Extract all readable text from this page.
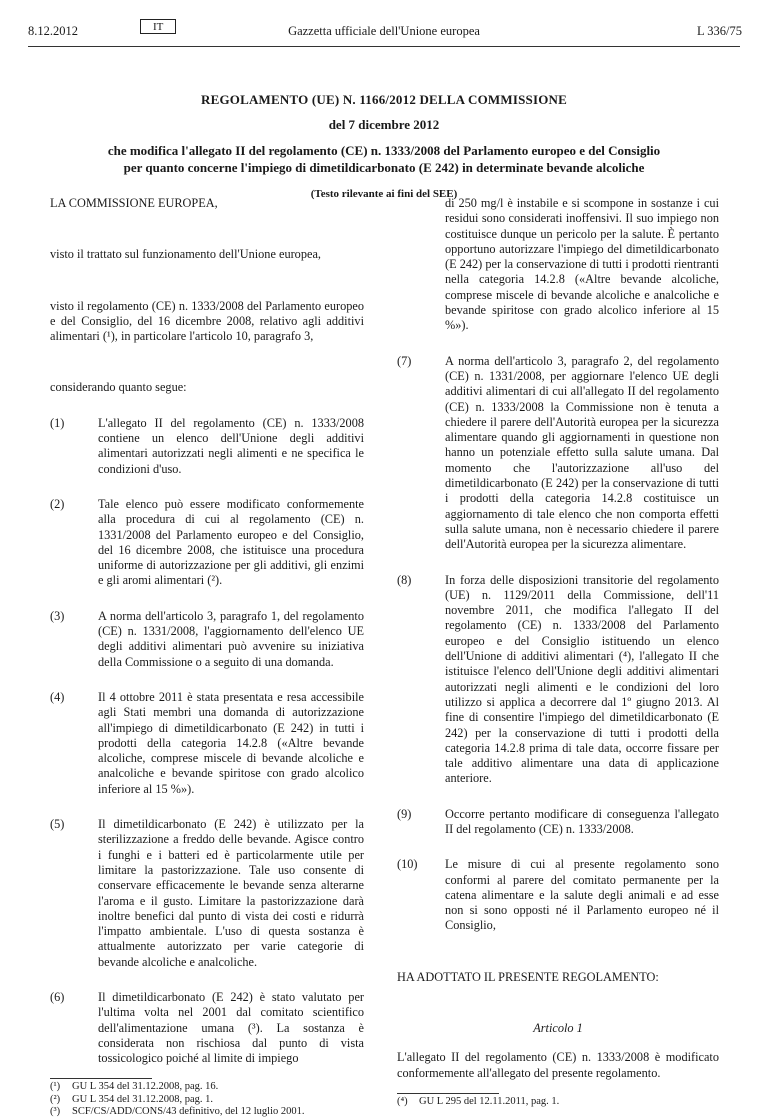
8.12.2012	IT	Gazzetta ufficiale dell'Unione europea	L 336/75
REGOLAMENTO (UE) N. 1166/2012 DELLA COMMISSIONE
del 7 dicembre 2012
che modifica l'allegato II del regolamento (CE) n. 1333/2008 del Parlamento europeo e del Consiglio
per quanto concerne l'impiego di dimetildicarbonato (E 242) in determinate bevande alcoliche
(Testo rilevante ai fini del SEE)

LA COMMISSIONE EUROPEA,

visto il trattato sul funzionamento dell'Unione europea,

visto il regolamento (CE) n. 1333/2008 del Parlamento europeo e del Consiglio, del 16 dicembre 2008, relativo agli additivi alimentari (¹), in particolare l'articolo 10, paragrafo 3,

considerando quanto segue:

(1)	L'allegato II del regolamento (CE) n. 1333/2008 contiene un elenco dell'Unione degli additivi alimentari autorizzati negli alimenti e ne specifica le condizioni d'uso.
(2)	Tale elenco può essere modificato conformemente alla procedura di cui al regolamento (CE) n. 1331/2008 del Parlamento europeo e del Consiglio, del 16 dicembre 2008, che istituisce una procedura uniforme di autorizzazione per gli additivi, gli enzimi e gli aromi alimentari (²).
(3)	A norma dell'articolo 3, paragrafo 1, del regolamento (CE) n. 1331/2008, l'aggiornamento dell'elenco UE degli additivi alimentari può avvenire su iniziativa della Commissione o a seguito di una domanda.
(4)	Il 4 ottobre 2011 è stata presentata e resa accessibile agli Stati membri una domanda di autorizzazione all'impiego di dimetildicarbonato (E 242) in tutti i prodotti della categoria 14.2.8 («Altre bevande alcoliche, comprese miscele di bevande alcoliche e analcoliche e bevande spiritose con grado alcolico inferiore al 15 %»).
(5)	Il dimetildicarbonato (E 242) è utilizzato per la sterilizzazione a freddo delle bevande. Agisce contro i funghi e i batteri ed è particolarmente utile per limitare la pastorizzazione. Tale uso consente di conservare efficacemente le bevande senza alterarne l'aroma e il gusto. Limitare la pastorizzazione darà inoltre benefici dal punto di vista dei costi e ridurrà l'impatto ambientale. L'uso di questa sostanza è attualmente autorizzato per varie categorie di bevande alcoliche e analcoliche.
(6)	Il dimetildicarbonato (E 242) è stato valutato per l'ultima volta nel 2001 dal comitato scientifico dell'alimentazione umana (³). La sostanza è considerata non rischiosa dal punto di vista tossicologico poiché al limite di impiego
(¹)	GU L 354 del 31.12.2008, pag. 16.
(²)	GU L 354 del 31.12.2008, pag. 1.
(³)	SCF/CS/ADD/CONS/43 definitivo, del 12 luglio 2001.
di 250 mg/l è instabile e si scompone in sostanze i cui residui sono considerati inoffensivi. Il suo impiego non costituisce dunque un pericolo per la salute. È pertanto opportuno autorizzare l'impiego del dimetildicarbonato (E 242) per la conservazione di tutti i prodotti rientranti nella categoria 14.2.8 («Altre bevande alcoliche, comprese miscele di bevande alcoliche e analcoliche e bevande spiritose con grado alcolico inferiore al 15 %»).
(7)	A norma dell'articolo 3, paragrafo 2, del regolamento (CE) n. 1331/2008, per aggiornare l'elenco UE degli additivi alimentari di cui all'allegato II del regolamento (CE) n. 1333/2008 la Commissione non è tenuta a chiedere il parere dell'Autorità europea per la sicurezza alimentare quando gli aggiornamenti in questione non hanno un potenziale effetto sulla salute umana. Dal momento che l'autorizzazione all'uso del dimetildicarbonato (E 242) per la conservazione di tutti i prodotti della categoria 14.2.8 costituisce un aggiornamento di tale elenco che non comporta effetti sulla salute umana, non è necessario chiedere il parere dell'Autorità europea per la sicurezza alimentare.
(8)	In forza delle disposizioni transitorie del regolamento (UE) n. 1129/2011 della Commissione, dell'11 novembre 2011, che modifica l'allegato II del regolamento (CE) n. 1333/2008 del Parlamento europeo e del Consiglio istituendo un elenco dell'Unione di additivi alimentari (⁴), l'allegato II che istituisce l'elenco dell'Unione degli additivi alimentari autorizzati negli alimenti e le condizioni del loro utilizzo si applica a decorrere dal 1º giugno 2013. Al fine di consentire l'impiego del dimetildicarbonato (E 242) per la conservazione di tutti i prodotti della categoria 14.2.8 prima di tale data, occorre fissare per tale additivo alimentare una data di applicazione anteriore.
(9)	Occorre pertanto modificare di conseguenza l'allegato II del regolamento (CE) n. 1333/2008.
(10)	Le misure di cui al presente regolamento sono conformi al parere del comitato permanente per la catena alimentare e la salute degli animali e ad esse non si sono opposti né il Parlamento europeo né il Consiglio,

HA ADOTTATO IL PRESENTE REGOLAMENTO:

Articolo 1

L'allegato II del regolamento (CE) n. 1333/2008 è modificato conformemente all'allegato del presente regolamento.

(⁴)	GU L 295 del 12.11.2011, pag. 1.
